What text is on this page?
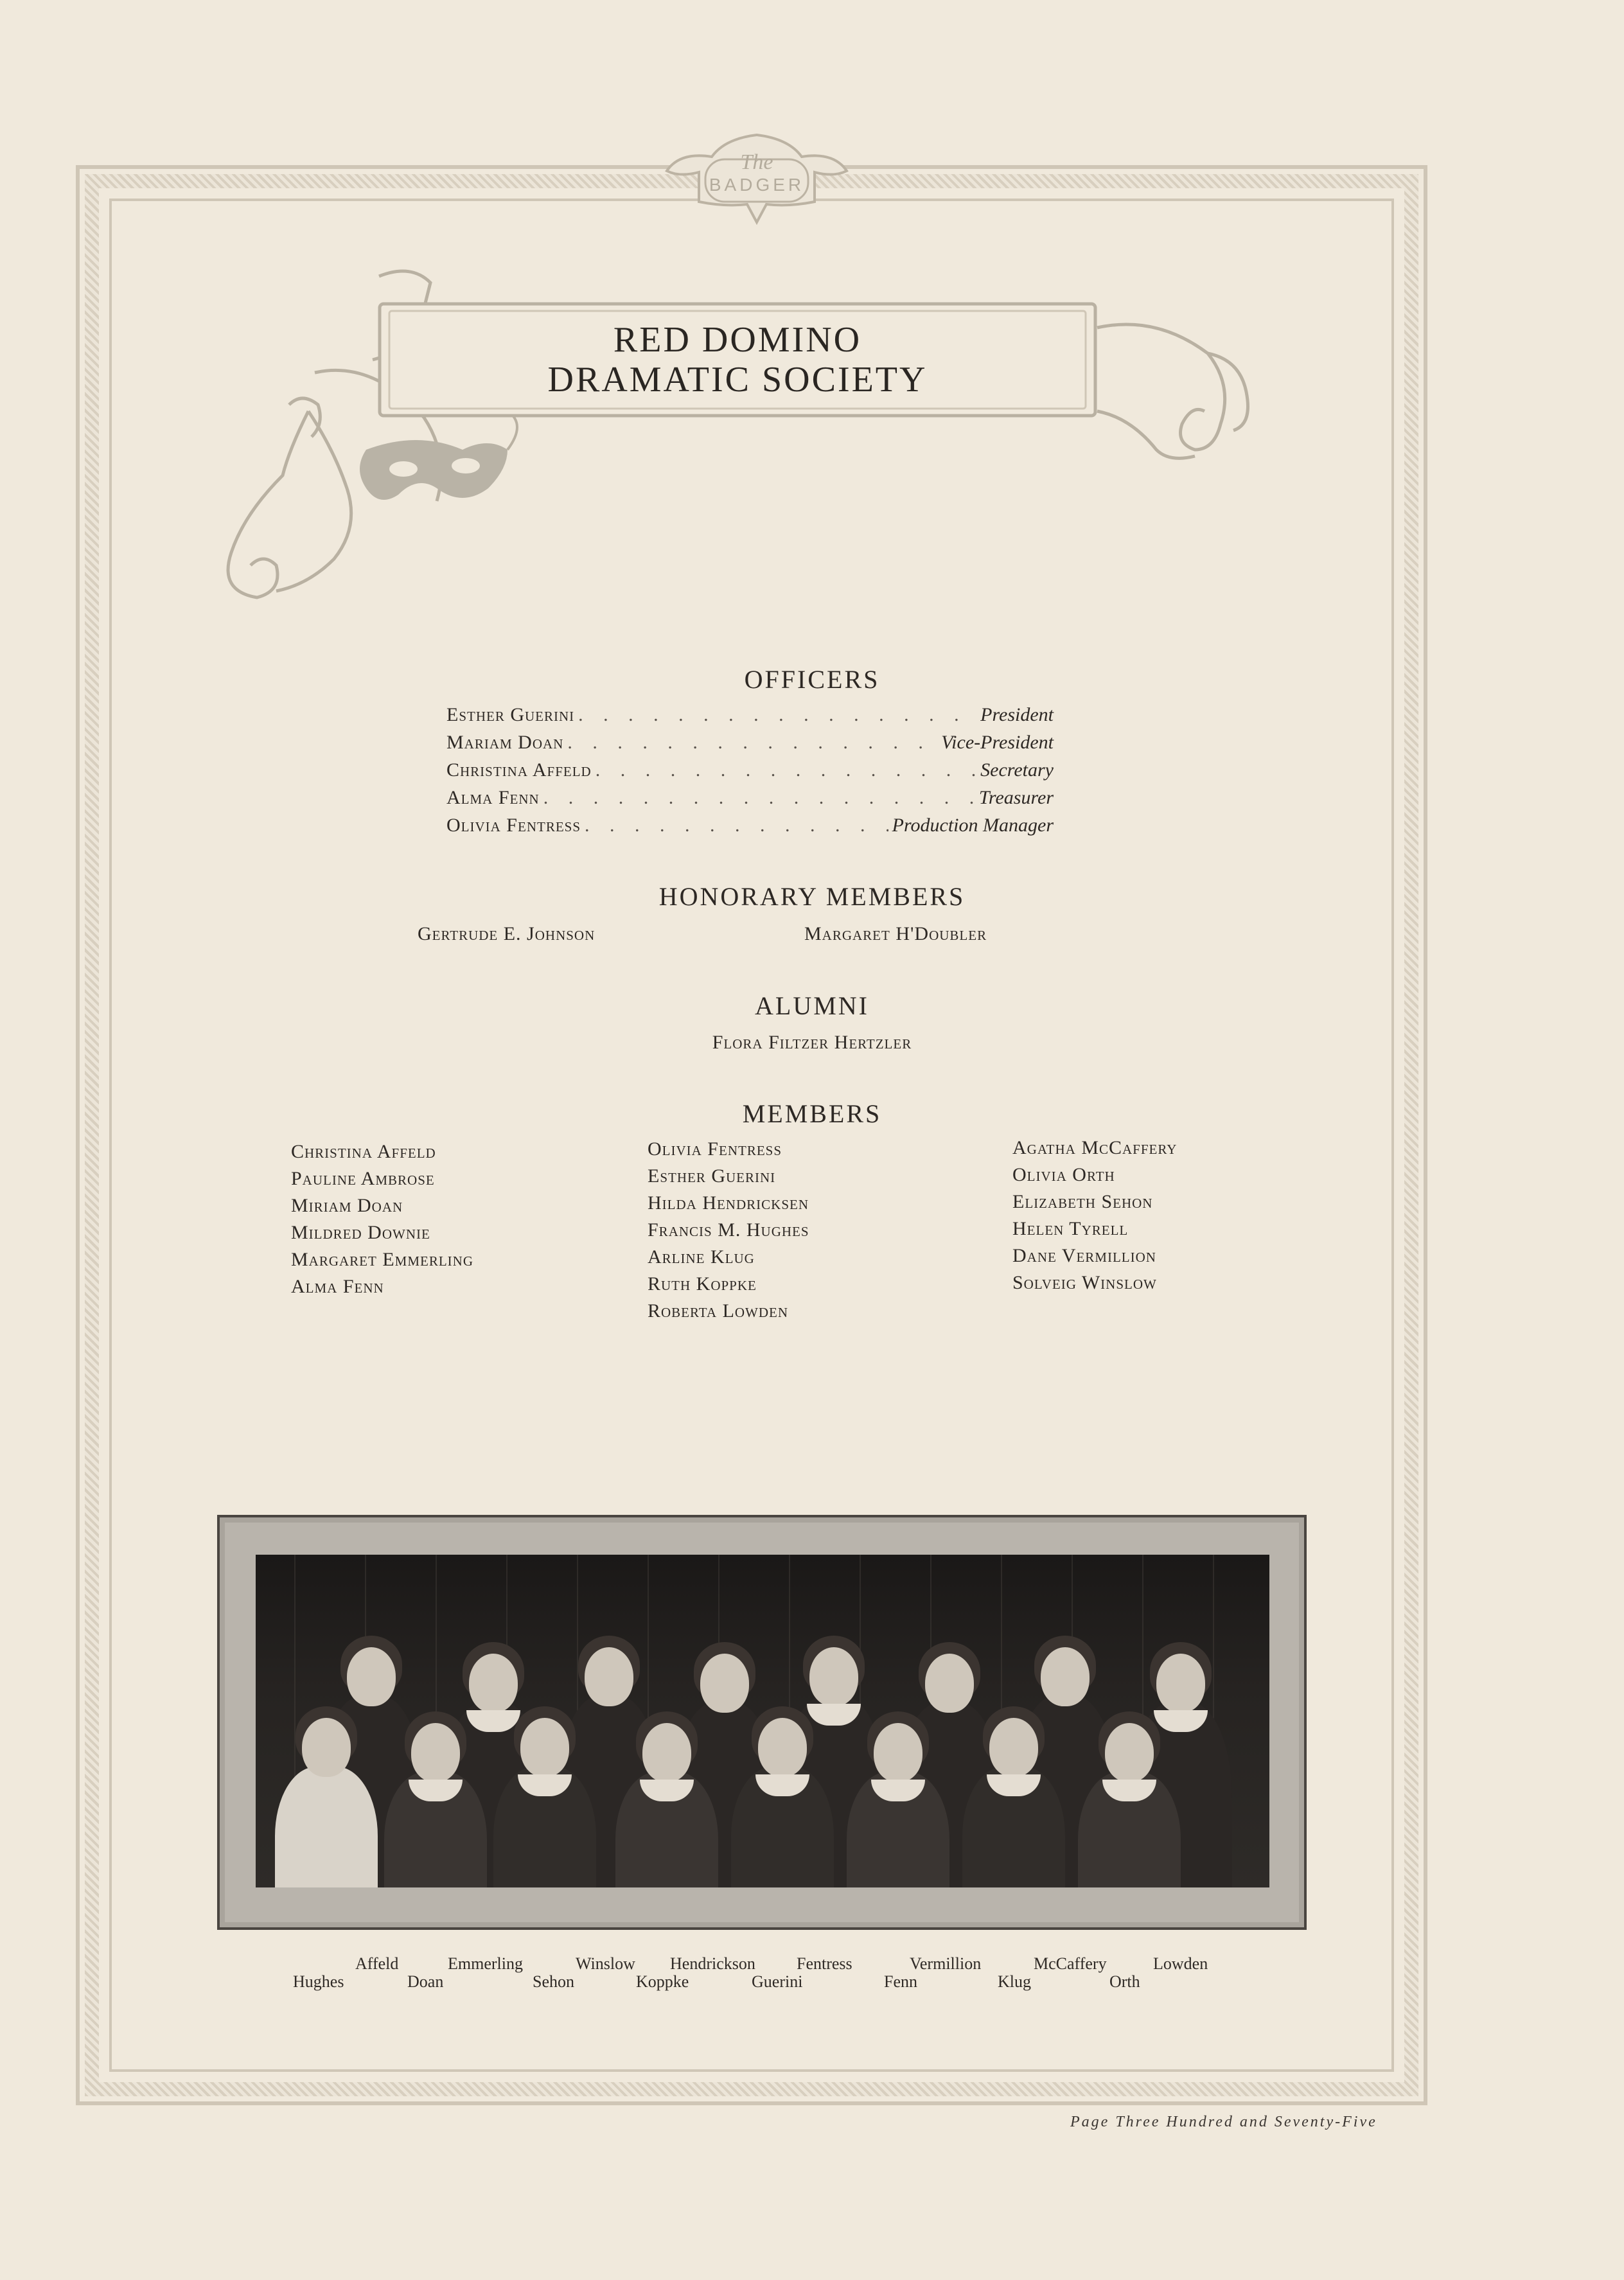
The
BADGER
RED DOMINO
DRAMATIC SOCIETY
OFFICERS
Esther Guerini . . .	President
Mariam Doan . . .	Vice-President
Christina Affeld . . .	Secretary
Alma Fenn . . .	Treasurer
Olivia Fentress . . .	Production Manager
HONORARY MEMBERS
Gertrude E. Johnson	Margaret H'Doubler
ALUMNI
Flora Filtzer Hertzler
MEMBERS
Christina Affeld
Pauline Ambrose
Miriam Doan
Mildred Downie
Margaret Emmerling
Alma Fenn
Olivia Fentress
Esther Guerini
Hilda Hendricksen
Francis M. Hughes
Arline Klug
Ruth Koppke
Roberta Lowden
Agatha McCaffery
Olivia Orth
Elizabeth Sehon
Helen Tyrell
Dane Vermillion
Solveig Winslow
Affeld	Emmerling	Winslow Hendrickson Fentress	Vermillion	McCaffery	Lowden
Hughes	Doan	Sehon	Koppke	Guerini	Fenn	Klug	Orth
Page Three Hundred and Seventy-Five
